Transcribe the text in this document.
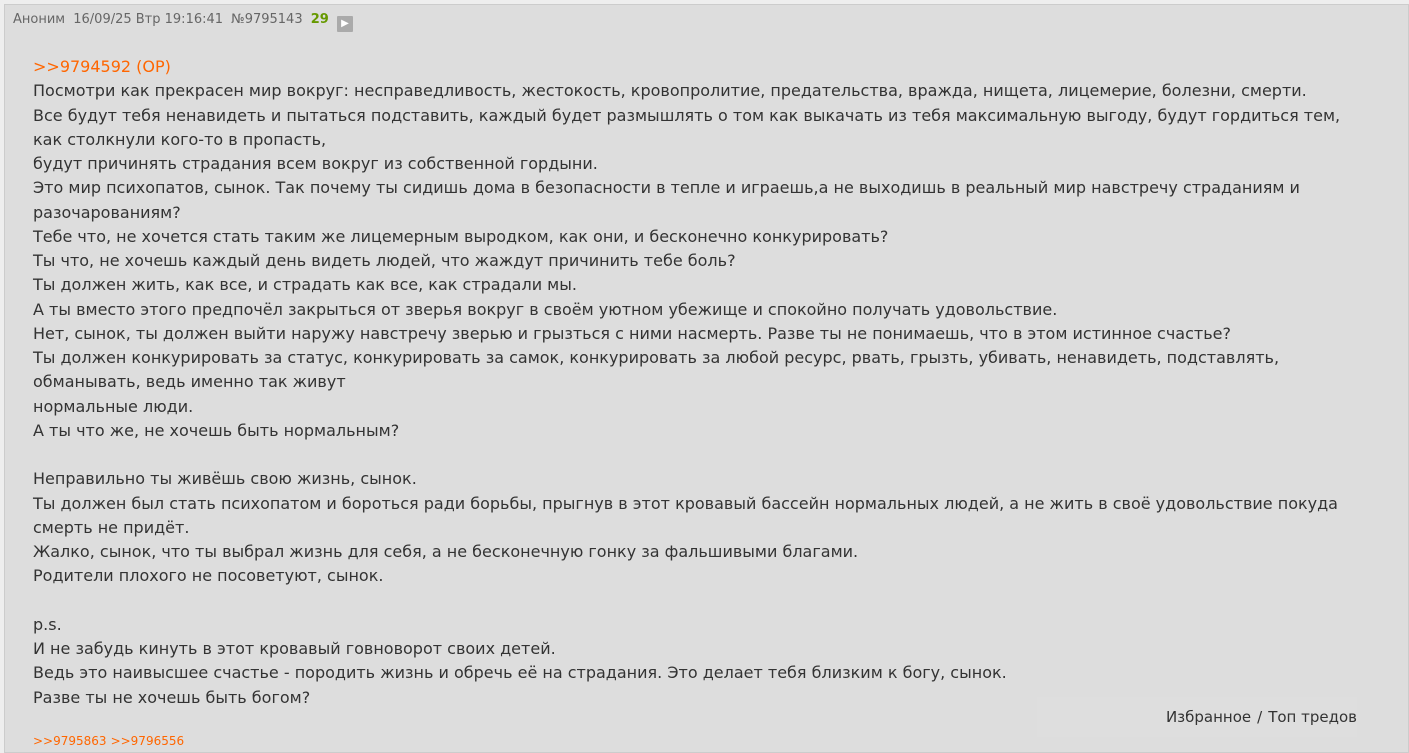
Аноним 16/09/25 Втр 19:16:41 №9795143 29 ▶
>>9794592 (OP)
Посмотри как прекрасен мир вокруг: несправедливость, жестокость, кровопролитие, предательства, вражда, нищета, лицемерие, болезни, смерти.
Все будут тебя ненавидеть и пытаться подставить, каждый будет размышлять о том как выкачать из тебя максимальную выгоду, будут гордиться тем, как столкнули кого-то в пропасть,
будут причинять страдания всем вокруг из собственной гордыни.
Это мир психопатов, сынок. Так почему ты сидишь дома в безопасности в тепле и играешь,а не выходишь в реальный мир навстречу страданиям и разочарованиям?
Тебе что, не хочется стать таким же лицемерным выродком, как они, и бесконечно конкурировать?
Ты что, не хочешь каждый день видеть людей, что жаждут причинить тебе боль?
Ты должен жить, как все, и страдать как все, как страдали мы.
А ты вместо этого предпочёл закрыться от зверья вокруг в своём уютном убежище и спокойно получать удовольствие.
Нет, сынок, ты должен выйти наружу навстречу зверью и грызться с ними насмерть. Разве ты не понимаешь, что в этом истинное счастье?
Ты должен конкурировать за статус, конкурировать за самок, конкурировать за любой ресурс, рвать, грызть, убивать, ненавидеть, подставлять, обманывать, ведь именно так живут
нормальные люди.
А ты что же, не хочешь быть нормальным?
Неправильно ты живёшь свою жизнь, сынок.
Ты должен был стать психопатом и бороться ради борьбы, прыгнув в этот кровавый бассейн нормальных людей, а не жить в своё удовольствие покуда смерть не придёт.
Жалко, сынок, что ты выбрал жизнь для себя, а не бесконечную гонку за фальшивыми благами.
Родители плохого не посоветуют, сынок.
p.s.
И не забудь кинуть в этот кровавый говноворот своих детей.
Ведь это наивысшее счастье - породить жизнь и обречь её на страдания. Это делает тебя близким к богу, сынок.
Разве ты не хочешь быть богом?
Избранное / Топ тредов
>>9795863 >>9796556
